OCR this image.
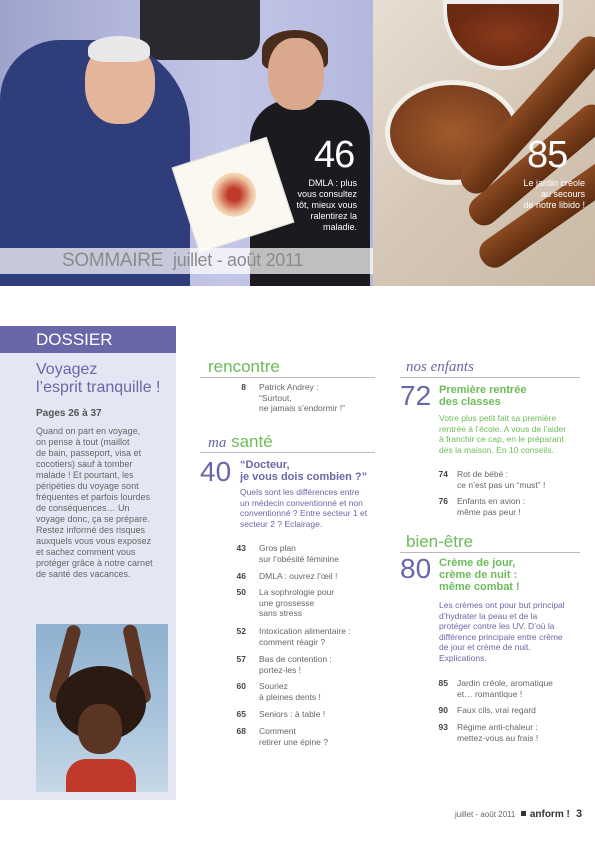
46
DMLA : plus
vous consultez
tôt, mieux vous
ralentirez la
maladie.
SOMMAIRE juillet - août 2011
85
Le jardin créole
au secours
de notre libido !
DOSSIER
Voyagez
l’esprit tranquille !
Pages 26 à 37
Quand on part en voyage,
on pense à tout (maillot
de bain, passeport, visa et
cocotiers) sauf à tomber
malade ! Et pourtant, les
péripéties du voyage sont
fréquentes et parfois lourdes
de conséquences… Un
voyage donc, ça se prépare.
Restez informé des risques
auxquels vous vous exposez
et sachez comment vous
protéger grâce à notre carnet
de santé des vacances.
rencontre
8 Patrick Andrey :
“Surtout,
ne jamais s’endormir !”
ma santé
40 “Docteur,
je vous dois combien ?”
Quels sont les différences entre
un médecin conventionné et non
conventionné ? Entre secteur 1 et
secteur 2 ? Eclairage.
43 Gros plan
sur l’obésité féminine
46 DMLA : ouvrez l’œil !
50 La sophrologie pour
une grossesse
sans stress
52 Intoxication alimentaire :
comment réagir ?
57 Bas de contention :
portez-les !
60 Souriez
à pleines dents !
65 Seniors : à table !
68 Comment
retirer une épine ?
nos enfants
72 Première rentrée
des classes
Votre plus petit fait sa première
rentrée à l’école. A vous de l’aider
à franchir ce cap, en le préparant
dès la maison. En 10 conseils.
74 Rot de bébé :
ce n’est pas un “must” !
76 Enfants en avion :
même pas peur !
bien-être
80 Crème de jour,
crème de nuit :
même combat !
Les crèmes ont pour but principal
d’hydrater la peau et de la
protéger contre les UV. D’où la
différence principale entre crème
de jour et crème de nuit.
Explications.
85 Jardin créole, aromatique
et… romantique !
90 Faux cils, vrai regard
93 Régime anti-chaleur :
mettez-vous au frais !
juillet - août 2011 anform ! 3
